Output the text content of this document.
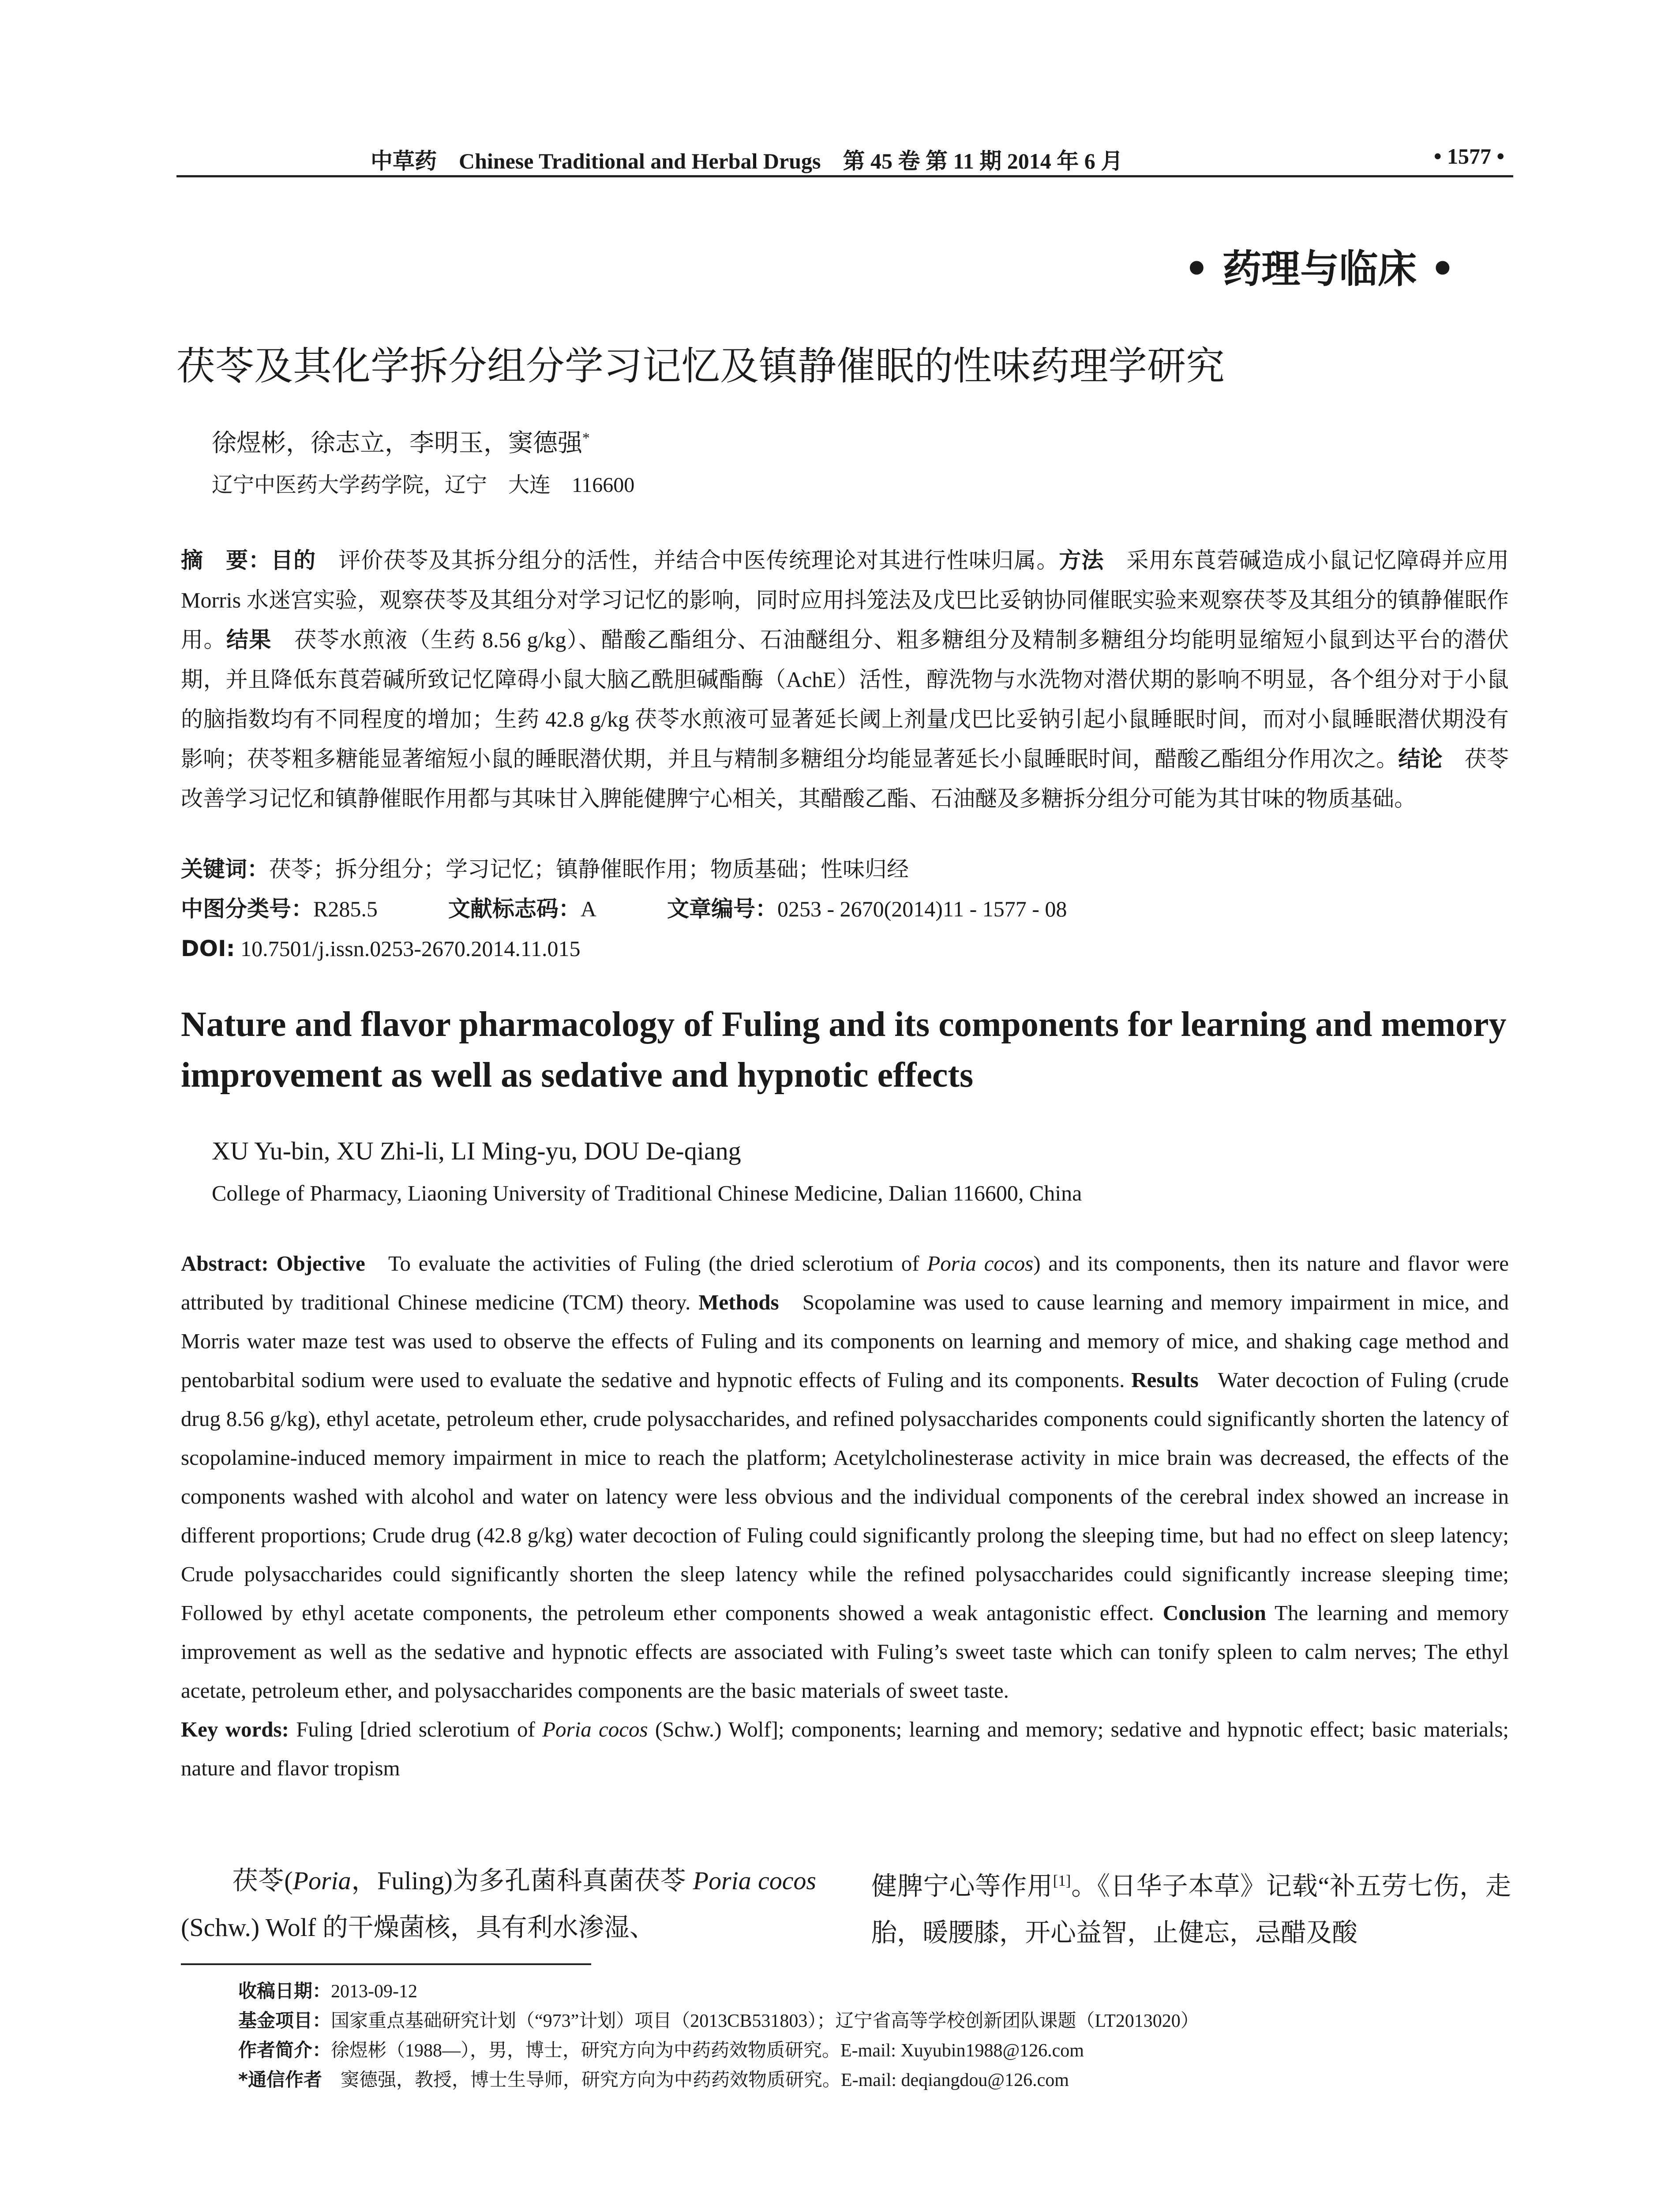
中草药　Chinese Traditional and Herbal Drugs　第 45 卷 第 11 期 2014 年 6 月	• 1577 •
• 药理与临床 •
茯苓及其化学拆分组分学习记忆及镇静催眠的性味药理学研究
徐煜彬，徐志立，李明玉，窦德强*
辽宁中医药大学药学院，辽宁　大连　116600
摘　要：目的　 评价茯苓及其拆分组分的活性，并结合中医传统理论对其进行性味归属。方法　 采用东莨菪碱造成小鼠记忆障碍并应用 Morris 水迷宫实验，观察茯苓及其组分对学习记忆的影响，同时应用抖笼法及戊巴比妥钠协同催眠实验来观察茯苓及其组分的镇静催眠作用。结果　 茯苓水煎液（生药 8.56 g/kg）、醋酸乙酯组分、石油醚组分、粗多糖组分及精制多糖组分均能明显缩短小鼠到达平台的潜伏期，并且降低东莨菪碱所致记忆障碍小鼠大脑乙酰胆碱酯酶（AchE）活性，醇洗物与水洗物对潜伏期的影响不明显，各个组分对于小鼠的脑指数均有不同程度的增加；生药 42.8 g/kg 茯苓水煎液可显著延长阈上剂量戊巴比妥钠引起小鼠睡眠时间，而对小鼠睡眠潜伏期没有影响；茯苓粗多糖能显著缩短小鼠的睡眠潜伏期，并且与精制多糖组分均能显著延长小鼠睡眠时间，醋酸乙酯组分作用次之。结论　 茯苓改善学习记忆和镇静催眠作用都与其味甘入脾能健脾宁心相关，其醋酸乙酯、石油醚及多糖拆分组分可能为其甘味的物质基础。
关键词：茯苓；拆分组分；学习记忆；镇静催眠作用；物质基础；性味归经
中图分类号：R285.5	文献标志码：A	文章编号：0253 - 2670(2014)11 - 1577 - 08
DOI: 10.7501/j.issn.0253-2670.2014.11.015
Nature and flavor pharmacology of Fuling and its components for learning and memory improvement as well as sedative and hypnotic effects
XU Yu-bin, XU Zhi-li, LI Ming-yu, DOU De-qiang
College of Pharmacy, Liaoning University of Traditional Chinese Medicine, Dalian 116600, China
Abstract: Objective To evaluate the activities of Fuling (the dried sclerotium of Poria cocos) and its components, then its nature and flavor were attributed by traditional Chinese medicine (TCM) theory. Methods Scopolamine was used to cause learning and memory impairment in mice, and Morris water maze test was used to observe the effects of Fuling and its components on learning and memory of mice, and shaking cage method and pentobarbital sodium were used to evaluate the sedative and hypnotic effects of Fuling and its components. Results Water decoction of Fuling (crude drug 8.56 g/kg), ethyl acetate, petroleum ether, crude polysaccharides, and refined polysaccharides components could significantly shorten the latency of scopolamine-induced memory impairment in mice to reach the platform; Acetylcholinesterase activity in mice brain was decreased, the effects of the components washed with alcohol and water on latency were less obvious and the individual components of the cerebral index showed an increase in different proportions; Crude drug (42.8 g/kg) water decoction of Fuling could significantly prolong the sleeping time, but had no effect on sleep latency; Crude polysaccharides could significantly shorten the sleep latency while the refined polysaccharides could significantly increase sleeping time; Followed by ethyl acetate components, the petroleum ether components showed a weak antagonistic effect. Conclusion The learning and memory improvement as well as the sedative and hypnotic effects are associated with Fuling’s sweet taste which can tonify spleen to calm nerves; The ethyl acetate, petroleum ether, and polysaccharides components are the basic materials of sweet taste.
Key words: Fuling [dried sclerotium of Poria cocos (Schw.) Wolf]; components; learning and memory; sedative and hypnotic effect; basic materials; nature and flavor tropism
  茯苓(Poria，Fuling)为多孔菌科真菌茯苓 Poria cocos (Schw.) Wolf 的干燥菌核，具有利水渗湿、
健脾宁心等作用[1]。《日华子本草》记载“补五劳七伤，走胎，暖腰膝，开心益智，止健忘，忌醋及酸
收稿日期：2013-09-12
基金项目：国家重点基础研究计划（“973”计划）项目（2013CB531803）；辽宁省高等学校创新团队课题（LT2013020）
作者简介：徐煜彬（1988—），男，博士，研究方向为中药药效物质研究。E-mail: Xuyubin1988@126.com
*通信作者　 窦德强，教授，博士生导师，研究方向为中药药效物质研究。E-mail: deqiangdou@126.com
